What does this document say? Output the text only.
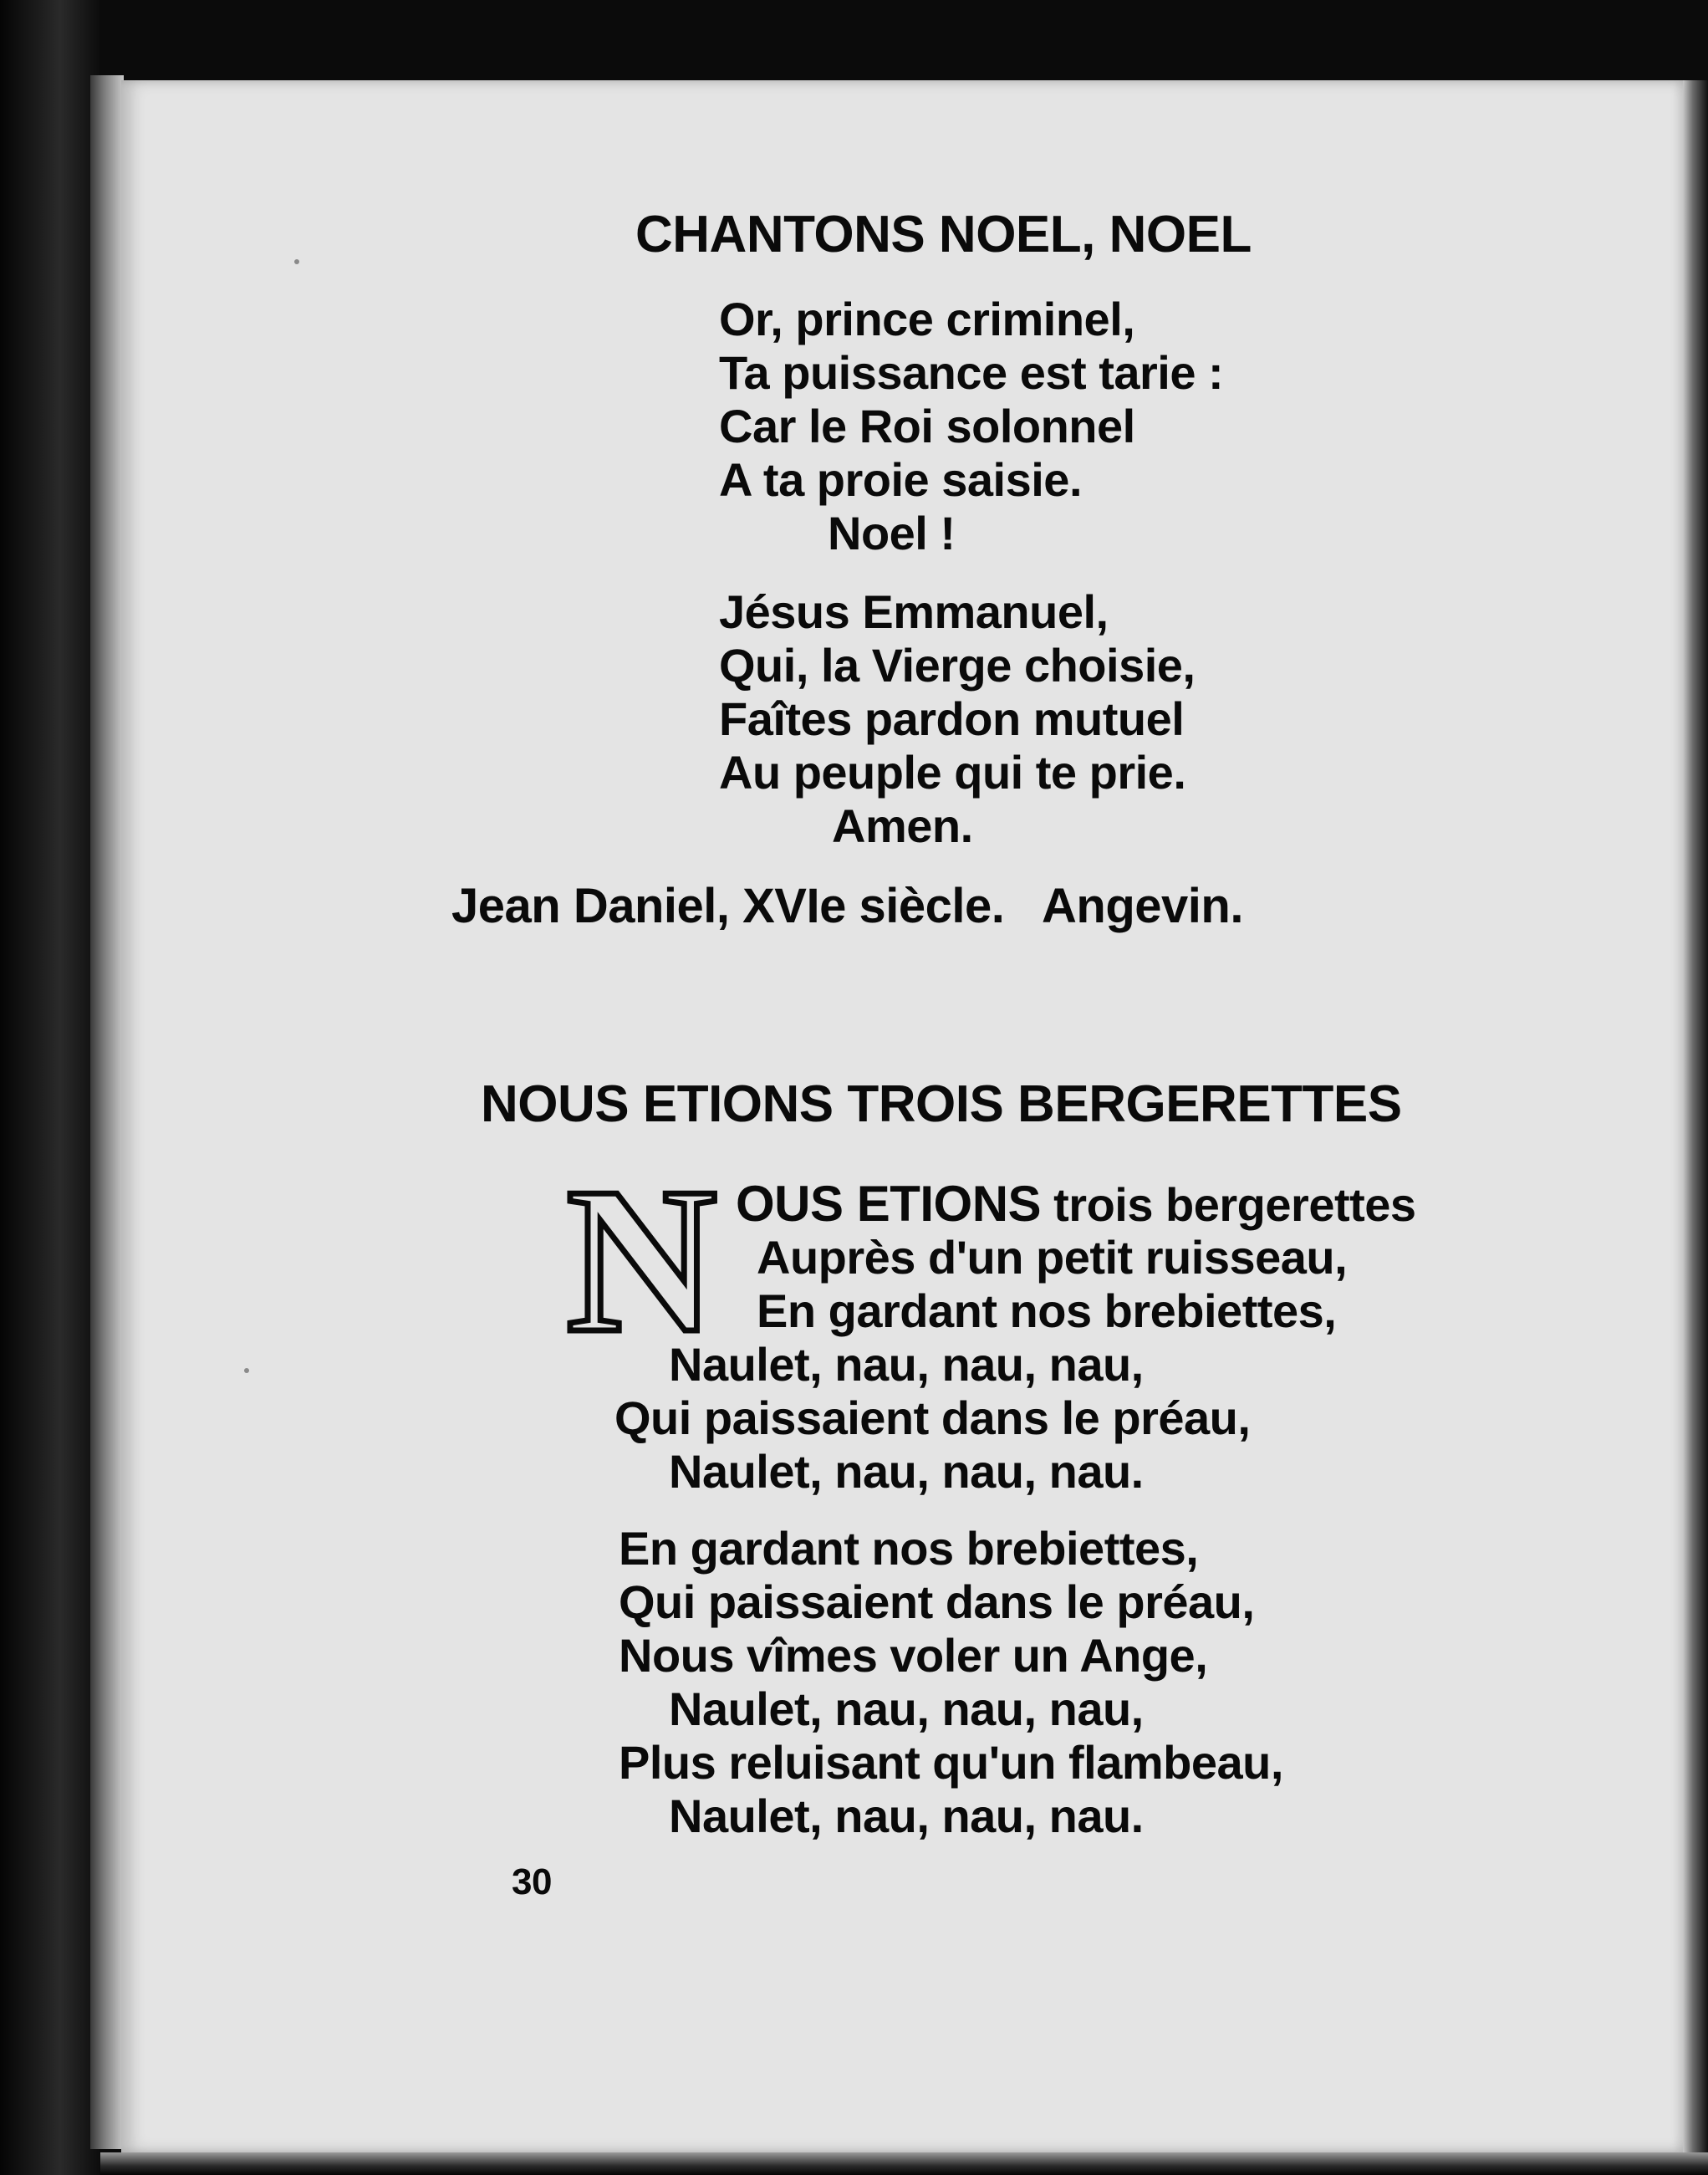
CHANTONS NOEL, NOEL
Or, prince criminel,
Ta puissance est tarie :
Car le Roi solonnel
A ta proie saisie.
Noel !
Jésus Emmanuel,
Qui, la Vierge choisie,
Faîtes pardon mutuel
Au peuple qui te prie.
Amen.
Jean Daniel, XVIe siècle.   Angevin.
NOUS ETIONS TROIS BERGERETTES
N OUS ETIONS trois bergerettes
Auprès d'un petit ruisseau,
En gardant nos brebiettes,
Naulet, nau, nau, nau,
Qui paissaient dans le préau,
Naulet, nau, nau, nau.
En gardant nos brebiettes,
Qui paissaient dans le préau,
Nous vîmes voler un Ange,
Naulet, nau, nau, nau,
Plus reluisant qu'un flambeau,
Naulet, nau, nau, nau.
30
